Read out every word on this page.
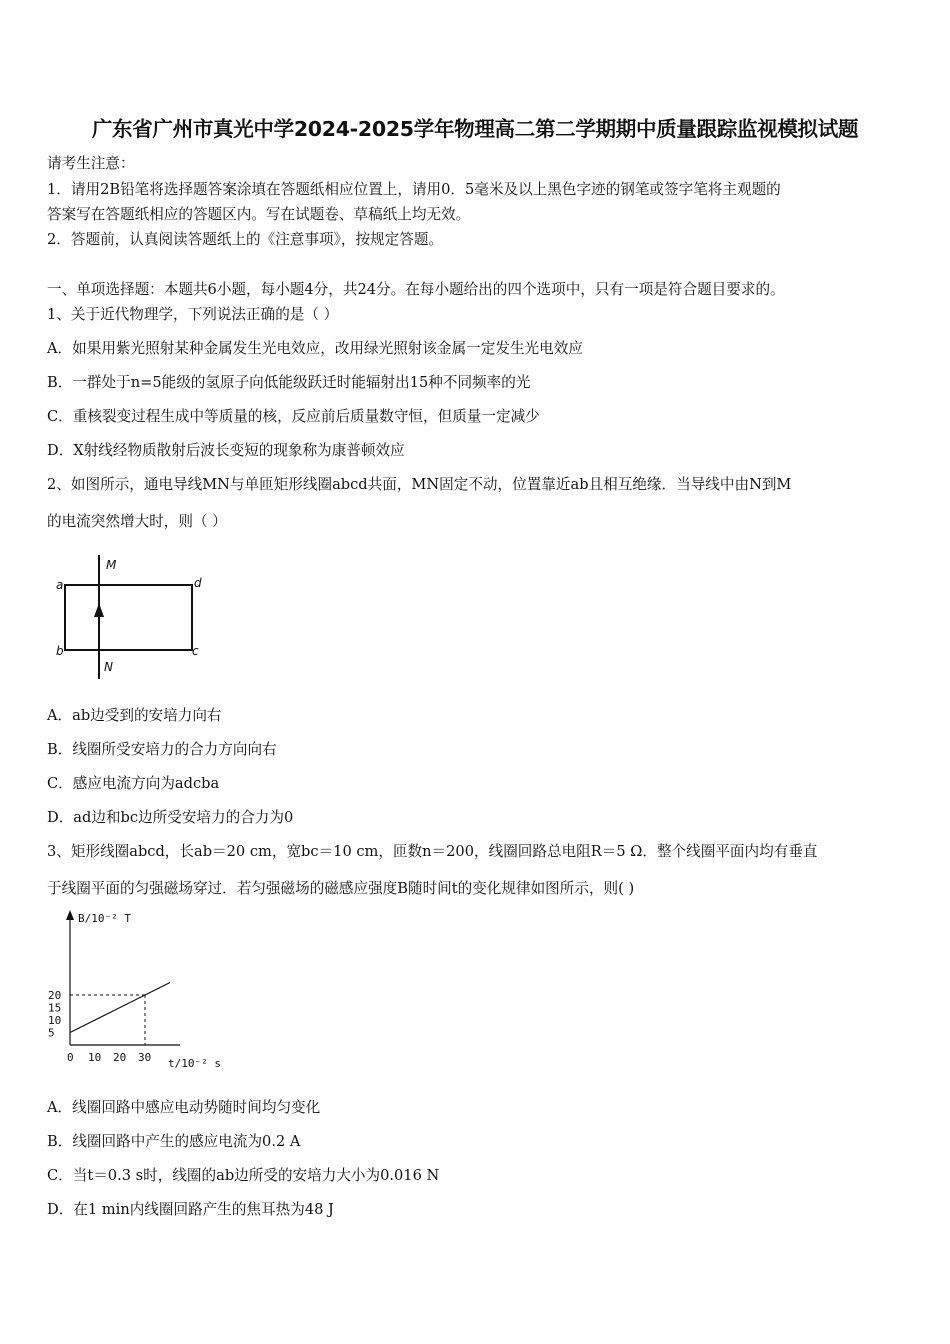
广东省广州市真光中学2024-2025学年物理高二第二学期期中质量跟踪监视模拟试题
请考生注意：
1．请用2B铅笔将选择题答案涂填在答题纸相应位置上，请用0．5毫米及以上黑色字迹的钢笔或签字笔将主观题的
答案写在答题纸相应的答题区内。写在试题卷、草稿纸上均无效。
2．答题前，认真阅读答题纸上的《注意事项》，按规定答题。
一、单项选择题：本题共6小题，每小题4分，共24分。在每小题给出的四个选项中，只有一项是符合题目要求的。
1、关于近代物理学，下列说法正确的是（ ）
A．如果用紫光照射某种金属发生光电效应，改用绿光照射该金属一定发生光电效应
B．一群处于n=5能级的氢原子向低能级跃迁时能辐射出15种不同频率的光
C．重核裂变过程生成中等质量的核，反应前后质量数守恒，但质量一定减少
D．X射线经物质散射后波长变短的现象称为康普顿效应
2、如图所示，通电导线MN与单匝矩形线圈abcd共面，MN固定不动，位置靠近ab且相互绝缘．当导线中由N到M
的电流突然增大时，则（ ）
a	d
b	c
M
N
A．ab边受到的安培力向右
B．线圈所受安培力的合力方向向右
C．感应电流方向为adcba
D．ad边和bc边所受安培力的合力为0
3、矩形线圈abcd，长ab＝20 cm，宽bc＝10 cm，匝数n＝200，线圈回路总电阻R＝5 Ω．整个线圈平面内均有垂直
于线圈平面的匀强磁场穿过．若匀强磁场的磁感应强度B随时间t的变化规律如图所示，则( )
B/10⁻² T
t/10⁻² s
5
10
15
20
0 10 20 30
A．线圈回路中感应电动势随时间均匀变化
B．线圈回路中产生的感应电流为0.2 A
C．当t＝0.3 s时，线圈的ab边所受的安培力大小为0.016 N
D．在1 min内线圈回路产生的焦耳热为48 J
